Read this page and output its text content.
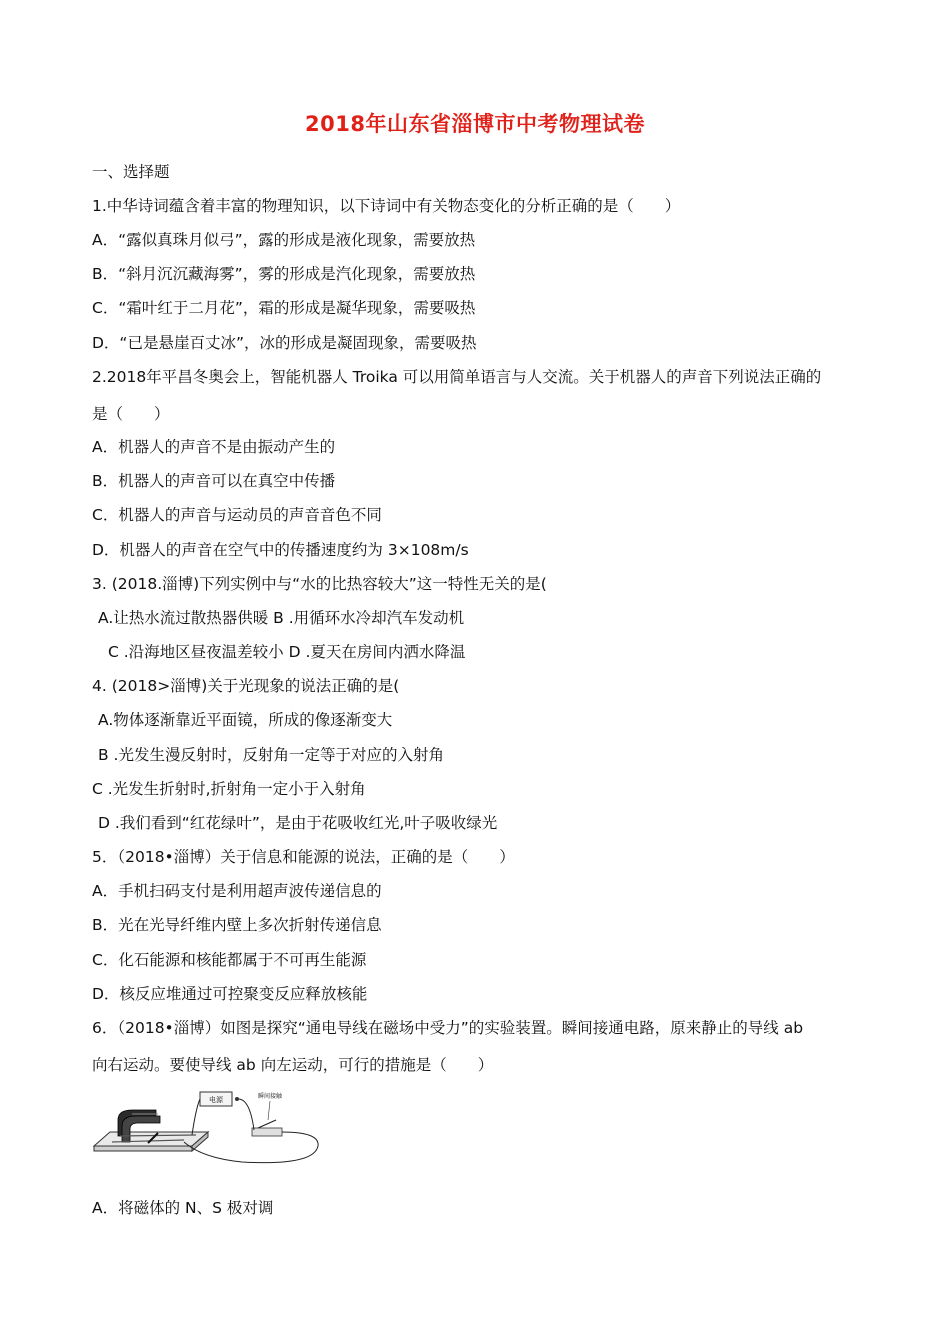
2018年山东省淄博市中考物理试卷
一、选择题
1.中华诗词蕴含着丰富的物理知识，以下诗词中有关物态变化的分析正确的是（　　）
A．“露似真珠月似弓”，露的形成是液化现象，需要放热
B．“斜月沉沉藏海雾”，雾的形成是汽化现象，需要放热
C．“霜叶红于二月花”，霜的形成是凝华现象，需要吸热
D．“已是悬崖百丈冰”，冰的形成是凝固现象，需要吸热
2.2018年平昌冬奥会上，智能机器人 Troika 可以用简单语言与人交流。关于机器人的声音下列说法正确的
是（　　）
A．机器人的声音不是由振动产生的
B．机器人的声音可以在真空中传播
C．机器人的声音与运动员的声音音色不同
D．机器人的声音在空气中的传播速度约为 3×108m/s
3. (2018.淄博)下列实例中与“水的比热容较大”这一特性无关的是(
A.让热水流过散热器供暖 B .用循环水冷却汽车发动机
C .沿海地区昼夜温差较小 D .夏天在房间内洒水降温
4. (2018>淄博)关于光现象的说法正确的是(
A.物体逐渐靠近平面镜，所成的像逐渐变大
B .光发生漫反射时，反射角一定等于对应的入射角
C .光发生折射时,折射角一定小于入射角
D .我们看到“红花绿叶”，是由于花吸收红光,叶子吸收绿光
5．（2018•淄博）关于信息和能源的说法，正确的是（　　）
A．手机扫码支付是利用超声波传递信息的
B．光在光导纤维内壁上多次折射传递信息
C．化石能源和核能都属于不可再生能源
D．核反应堆通过可控聚变反应释放核能
6．（2018•淄博）如图是探究“通电导线在磁场中受力”的实验装置。瞬间接通电路，原来静止的导线 ab
向右运动。要使导线 ab 向左运动，可行的措施是（　　）
电源	瞬间接触
A．将磁体的 N、S 极对调
